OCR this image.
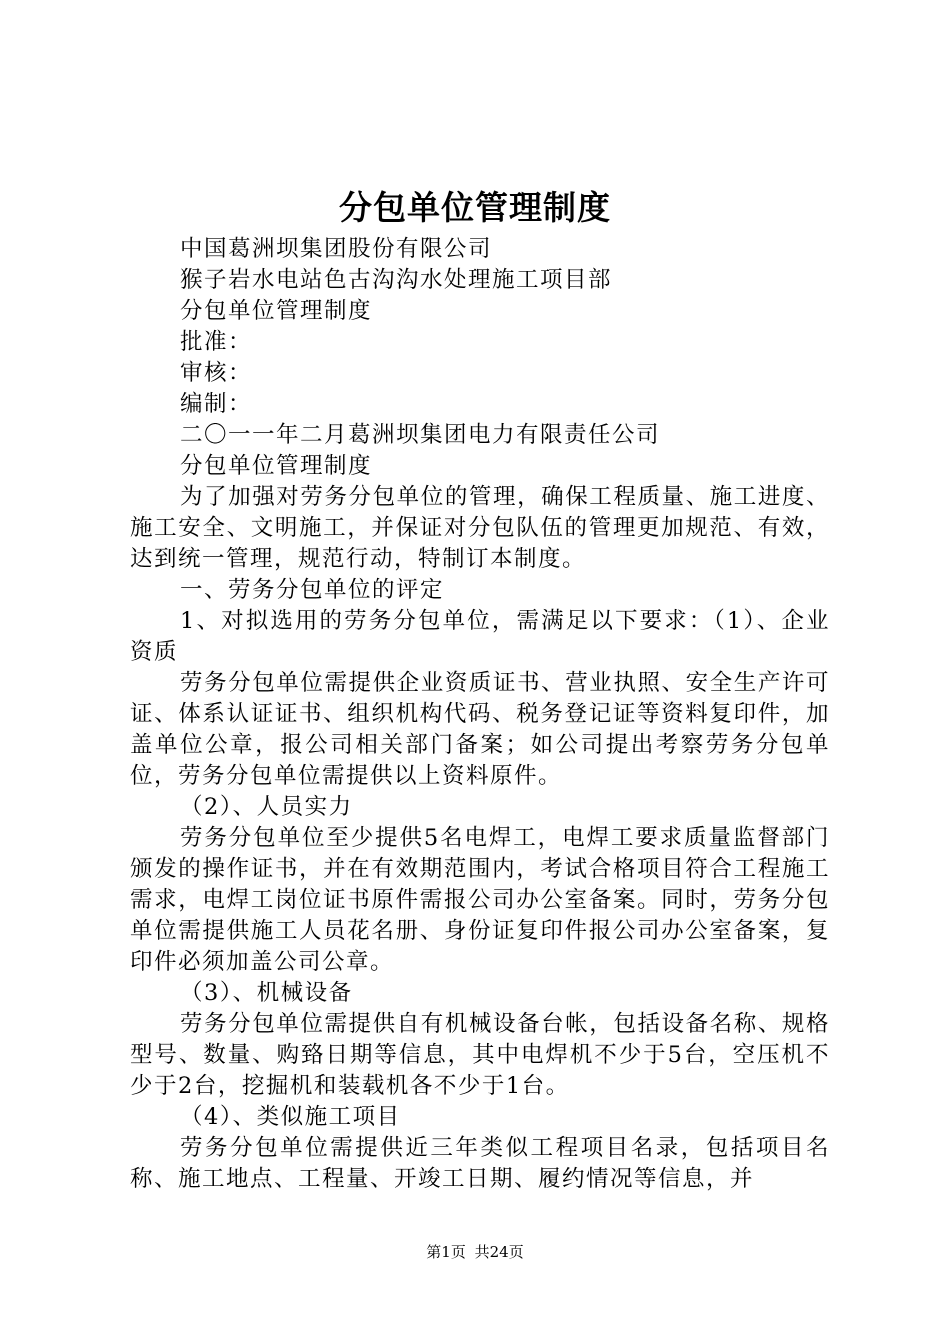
分包单位管理制度

中国葛洲坝集团股份有限公司

猴子岩水电站色古沟沟水处理施工项目部

分包单位管理制度

批准：

审核：

编制：

二〇一一年二月葛洲坝集团电力有限责任公司

分包单位管理制度

为了加强对劳务分包单位的管理，确保工程质量、施工进度、施工安全、文明施工，并保证对分包队伍的管理更加规范、有效，达到统一管理，规范行动，特制订本制度。

一、劳务分包单位的评定

1、对拟选用的劳务分包单位，需满足以下要求：（1）、企业资质

劳务分包单位需提供企业资质证书、营业执照、安全生产许可证、体系认证证书、组织机构代码、税务登记证等资料复印件，加盖单位公章，报公司相关部门备案；如公司提出考察劳务分包单位，劳务分包单位需提供以上资料原件。

（2）、人员实力

劳务分包单位至少提供5名电焊工，电焊工要求质量监督部门颁发的操作证书，并在有效期范围内，考试合格项目符合工程施工需求，电焊工岗位证书原件需报公司办公室备案。同时，劳务分包单位需提供施工人员花名册、身份证复印件报公司办公室备案，复印件必须加盖公司公章。

（3）、机械设备

劳务分包单位需提供自有机械设备台帐，包括设备名称、规格型号、数量、购臵日期等信息，其中电焊机不少于5台，空压机不少于2台，挖掘机和装载机各不少于1台。

（4）、类似施工项目

劳务分包单位需提供近三年类似工程项目名录，包括项目名称、施工地点、工程量、开竣工日期、履约情况等信息，并

第1页 共24页
